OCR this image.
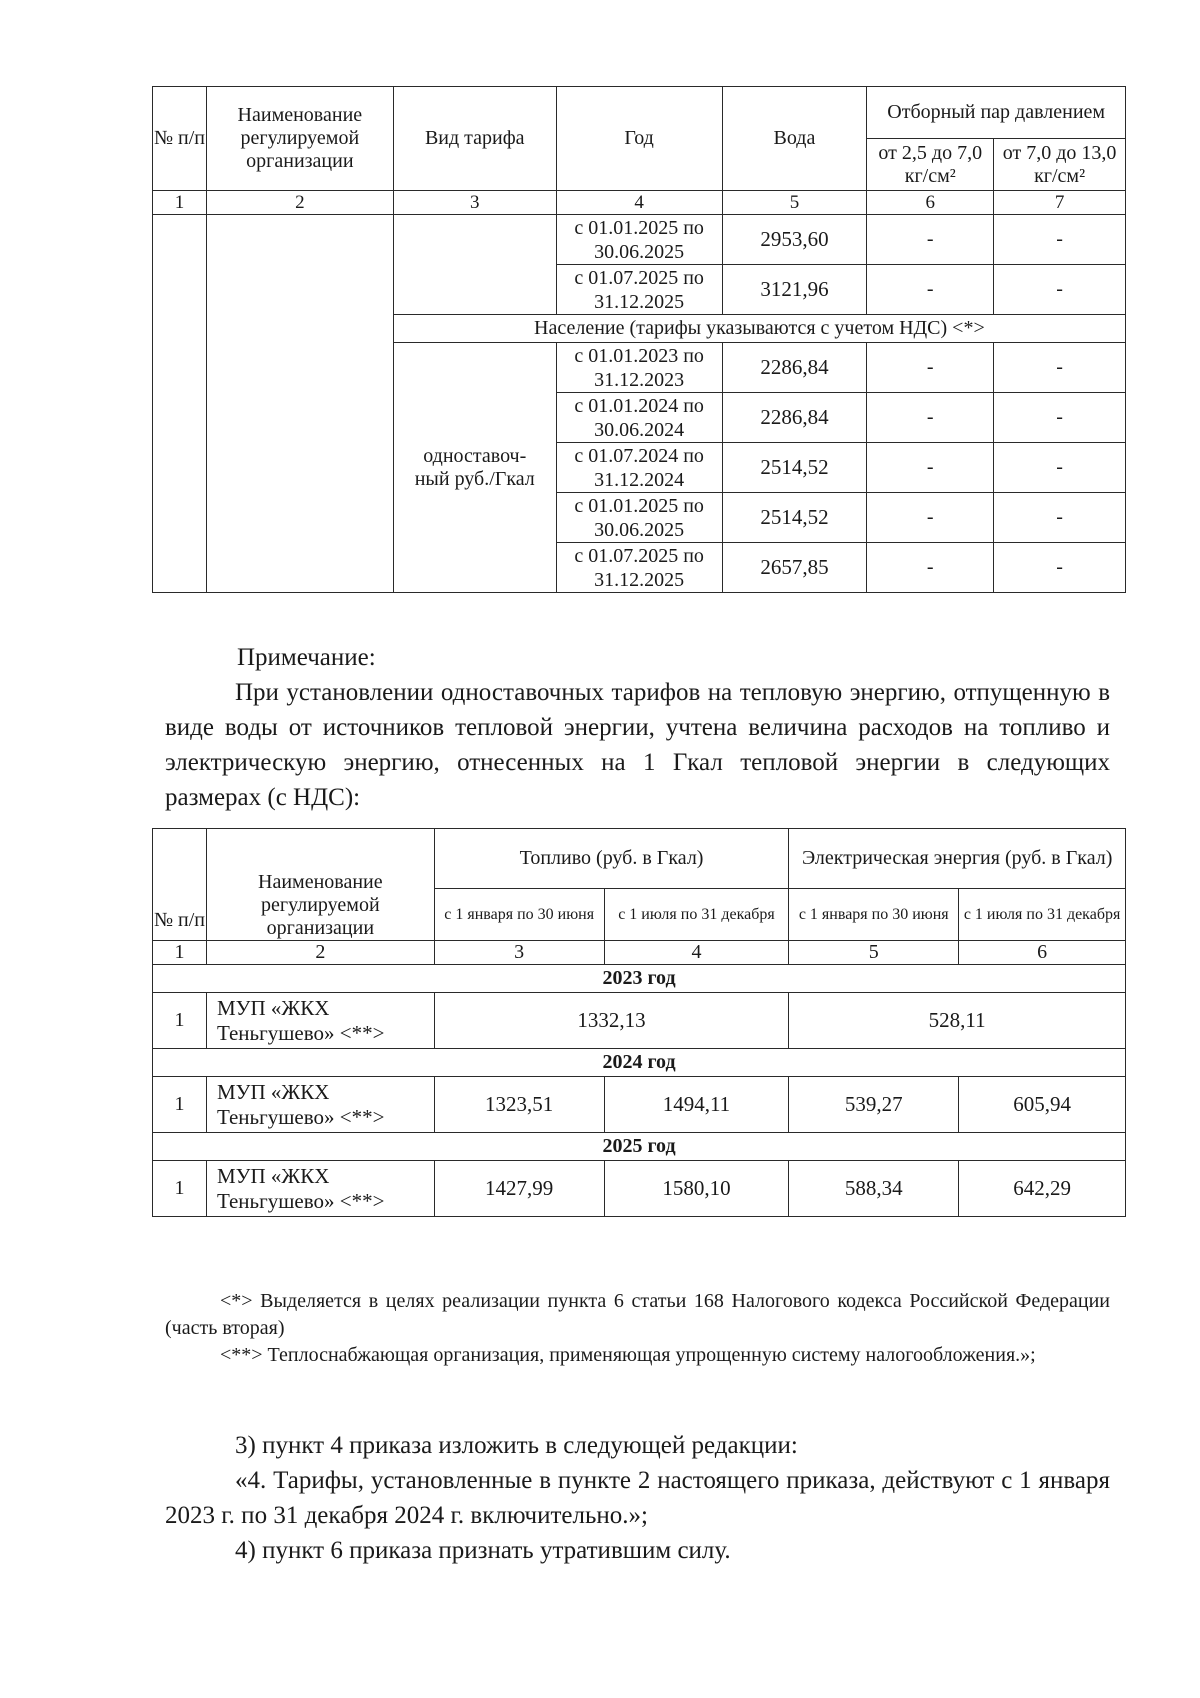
№ п/п	Наименование регулируемой организации	Вид тарифа	Год	Вода	Отборный пар давлением	
					от 2,5 до 7,0 кг/см²	от 7,0 до 13,0 кг/см²
1	2	3	4	5	6	7
			с 01.01.2025 по 30.06.2025	2953,60	-	-
			с 01.07.2025 по 31.12.2025	3121,96	-	-
		Население (тарифы указываются с учетом НДС) <*>				
		одноставоч-ный руб./Гкал	с 01.01.2023 по 31.12.2023	2286,84	-	-
			с 01.01.2024 по 30.06.2024	2286,84	-	-
			с 01.07.2024 по 31.12.2024	2514,52	-	-
			с 01.01.2025 по 30.06.2025	2514,52	-	-
			с 01.07.2025 по 31.12.2025	2657,85	-	-

Примечание:

При установлении одноставочных тарифов на тепловую энергию, отпущенную в виде воды от источников тепловой энергии, учтена величина расходов на топливо и электрическую энергию, отнесенных на 1 Гкал тепловой энергии в следующих размерах (с НДС):

№ п/п	Наименование регулируемой организации	Топливо (руб. в Гкал)		Электрическая энергия (руб. в Гкал)	
		с 1 января по 30 июня	с 1 июля по 31 декабря	с 1 января по 30 июня	с 1 июля по 31 декабря
1	2	3	4	5	6
2023 год					
1	МУП «ЖКХ Теньгушево» <**>	1332,13		528,11	
2024 год					
1	МУП «ЖКХ Теньгушево» <**>	1323,51	1494,11	539,27	605,94
2025 год					
1	МУП «ЖКХ Теньгушево» <**>	1427,99	1580,10	588,34	642,29

<*> Выделяется в целях реализации пункта 6 статьи 168 Налогового кодекса Российской Федерации (часть вторая)

<**> Теплоснабжающая организация, применяющая упрощенную систему налогообложения.»;

3) пункт 4 приказа изложить в следующей редакции:

«4. Тарифы, установленные в пункте 2 настоящего приказа, действуют с 1 января 2023 г. по 31 декабря 2024 г. включительно.»;

4) пункт 6 приказа признать утратившим силу.
